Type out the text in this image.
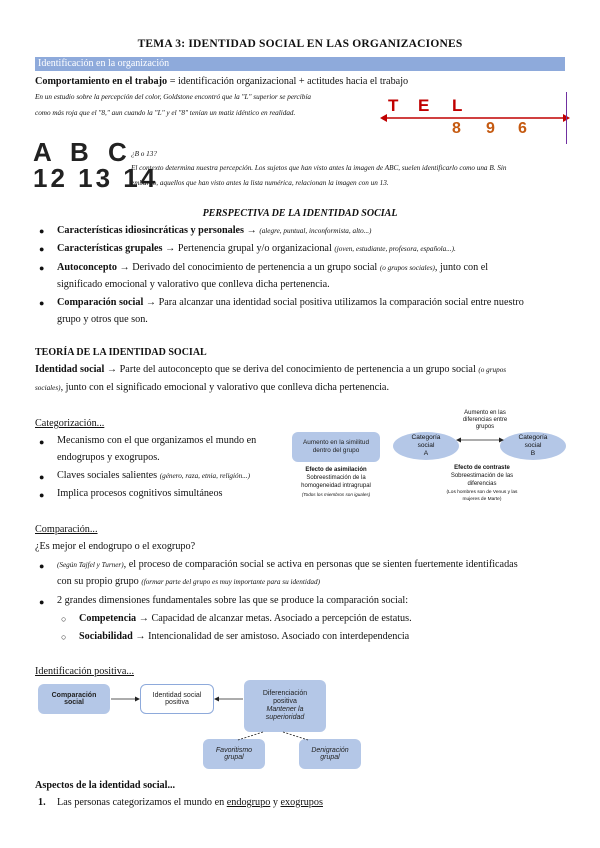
TEMA 3: IDENTIDAD SOCIAL EN LAS ORGANIZACIONES
Identificación en la organización
Comportamiento en el trabajo = identificación organizacional + actitudes hacia el trabajo
En un estudio sobre la percepción del color, Goldstone encontró que la "L" superior se percibía
como más roja que el "8," aun cuando la "L" y el "8" tenían un matiz idéntico en realidad.	T E L
8 9 6
A B C
12 13 14
¿B o 13?
El contexto determina nuestra percepción. Los sujetos que han visto antes la imagen de ABC, suelen identificarlo como una B. Sin
embargo, aquellos que han visto antes la lista numérica, relacionan la imagen con un 13.
PERSPECTIVA DE LA IDENTIDAD SOCIAL
● Características idiosincráticas y personales → (alegre, puntual, inconformista, alto...)
● Características grupales → Pertenencia grupal y/o organizacional (joven, estudiante, profesora, española...).
● Autoconcepto → Derivado del conocimiento de pertenencia a un grupo social (o grupos sociales), junto con el
significado emocional y valorativo que conlleva dicha pertenencia.
● Comparación social → Para alcanzar una identidad social positiva utilizamos la comparación social entre nuestro
grupo y otros que son.
TEORÍA DE LA IDENTIDAD SOCIAL
Identidad social → Parte del autoconcepto que se deriva del conocimiento de pertenencia a un grupo social (o grupos
sociales), junto con el significado emocional y valorativo que conlleva dicha pertenencia.
Categorización...
● Mecanismo con el que organizamos el mundo en
endogrupos y exogrupos.
● Claves sociales salientes (género, raza, etnia, religión...)
● Implica procesos cognitivos simultáneos
Aumento en la similitud dentro del grupo
Efecto de asimilación
Sobreestimación de la
homogeneidad intragrupal
(Todos los miembros son iguales)
Aumento en las
diferencias entre
grupos
Categoría
social
A
Categoría
social
B
Efecto de contraste
Sobreestimación de las
diferencias
(Los hombres son de Venus y las
mujeres de Marte)
Comparación...
¿Es mejor el endogrupo o el exogrupo?
● (Según Tajfel y Turner), el proceso de comparación social se activa en personas que se sienten fuertemente identificadas
con su propio grupo (formar parte del grupo es muy importante para su identidad)
● 2 grandes dimensiones fundamentales sobre las que se produce la comparación social:
○ Competencia → Capacidad de alcanzar metas. Asociado a percepción de estatus.
○ Sociabilidad → Intencionalidad de ser amistoso. Asociado con interdependencia
Identificación positiva...
Comparación
social
Identidad social
positiva
Diferenciación
positiva
Mantener la
superioridad
Favoritismo
grupal
Denigración
grupal
Aspectos de la identidad social...
1. Las personas categorizamos el mundo en endogrupo y exogrupos
